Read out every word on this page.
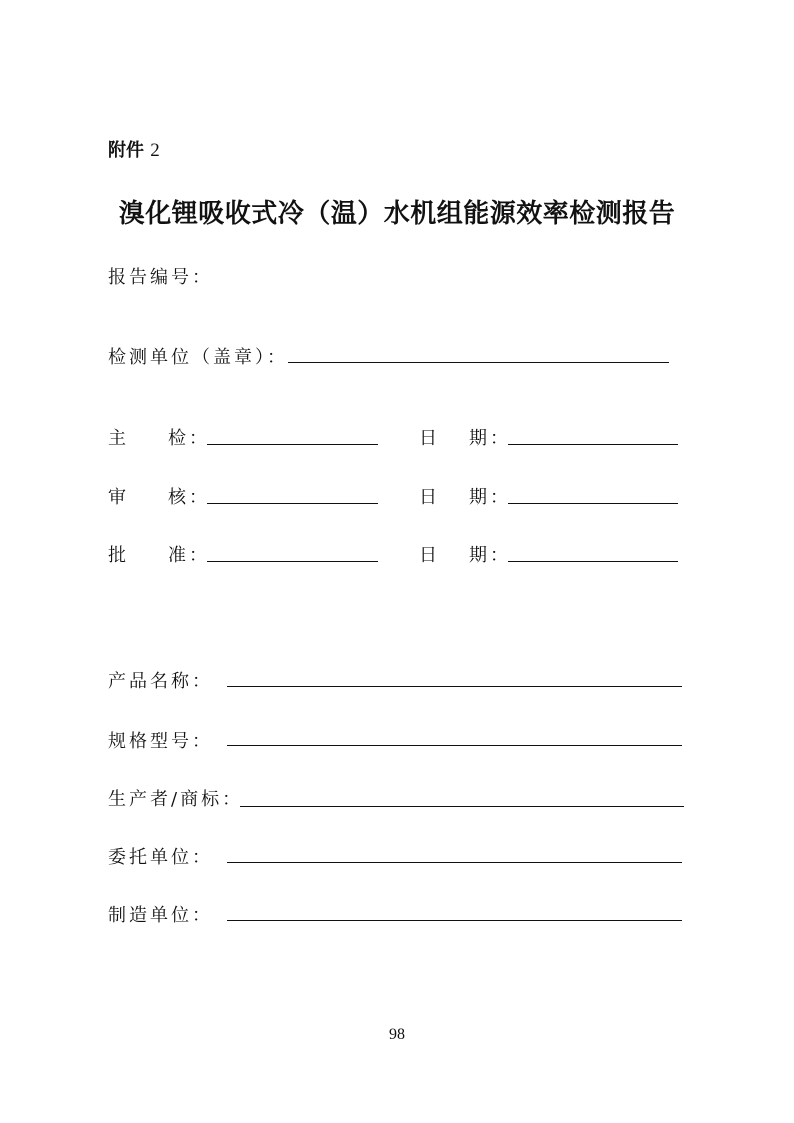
附件 2
溴化锂吸收式冷（温）水机组能源效率检测报告
报告编号：
检测单位（盖章）：
主 检：	日 期：
审 核：	日 期：
批 准：	日 期：
产品名称：
规格型号：
生产者/商标：
委托单位：
制造单位：
98
